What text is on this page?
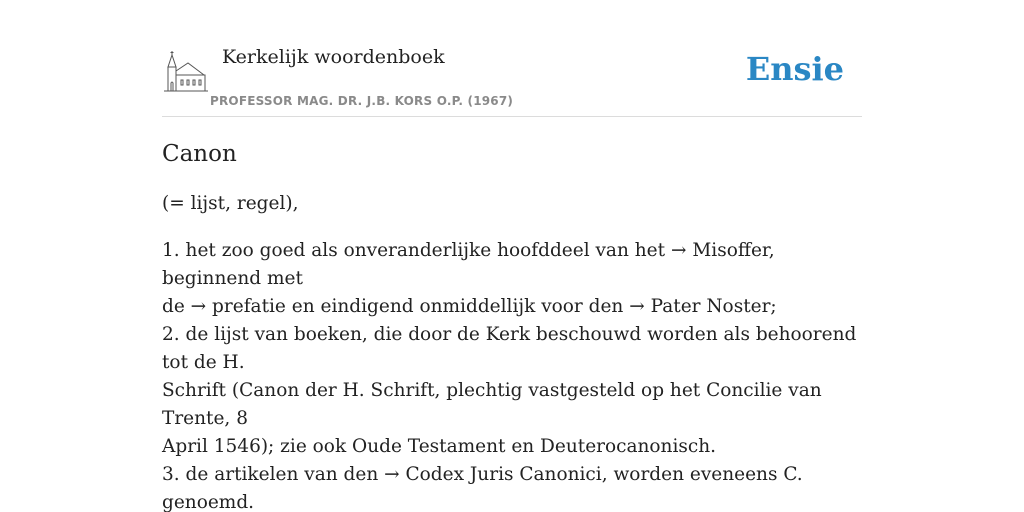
Kerkelijk woordenboek
PROFESSOR MAG. DR. J.B. KORS O.P. (1967)
Ensie
Canon

(= lijst, regel),

1. het zoo goed als onveranderlijke hoofddeel van het → Misoffer, beginnend met
de → prefatie en eindigend onmiddellijk voor den → Pater Noster;
2. de lijst van boeken, die door de Kerk beschouwd worden als behoorend tot de H.
Schrift (Canon der H. Schrift, plechtig vastgesteld op het Concilie van Trente, 8
April 1546); zie ook Oude Testament en Deuterocanonisch.
3. de artikelen van den → Codex Juris Canonici, worden eveneens C. genoemd.
